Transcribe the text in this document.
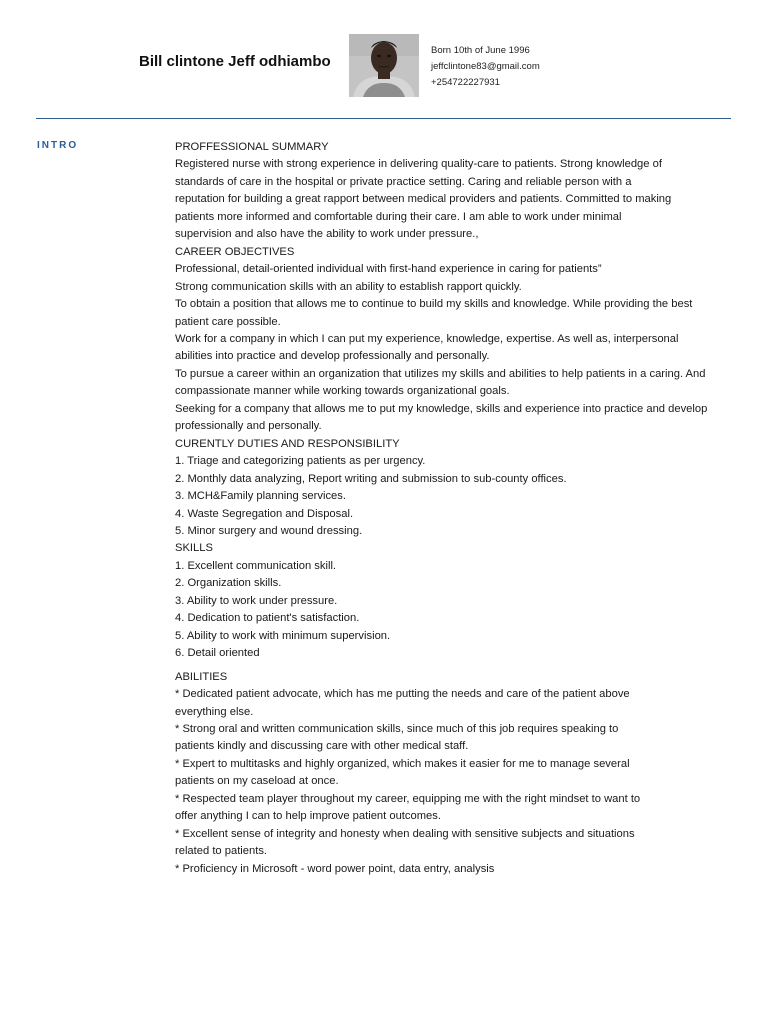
Bill clintone Jeff odhiambo
Born 10th of June 1996
jeffclintone83@gmail.com
+254722227931
INTRO	PROFFESSIONAL SUMMARY
Registered nurse with strong experience in delivering quality-care to patients. Strong knowledge of
standards of care in the hospital or private practice setting. Caring and reliable person with a
reputation for building a great rapport between medical providers and patients. Committed to making
patients more informed and comfortable during their care. I am able to work under minimal
supervision and also have the ability to work under pressure.,
CAREER OBJECTIVES
Professional, detail-oriented individual with first-hand experience in caring for patients”
Strong communication skills with an ability to establish rapport quickly.
To obtain a position that allows me to continue to build my skills and knowledge. While providing the best
patient care possible.
Work for a company in which I can put my experience, knowledge, expertise. As well as, interpersonal
abilities into practice and develop professionally and personally.
To pursue a career within an organization that utilizes my skills and abilities to help patients in a caring. And
compassionate manner while working towards organizational goals.
Seeking for a company that allows me to put my knowledge, skills and experience into practice and develop
professionally and personally.
CURENTLY DUTIES AND RESPONSIBILITY
1. Triage and categorizing patients as per urgency.
2. Monthly data analyzing, Report writing and submission to sub-county offices.
3. MCH&Family planning services.
4. Waste Segregation and Disposal.
5. Minor surgery and wound dressing.
SKILLS
1. Excellent communication skill.
2. Organization skills.
3. Ability to work under pressure.
4. Dedication to patient's satisfaction.
5. Ability to work with minimum supervision.
6. Detail oriented
ABILITIES
* Dedicated patient advocate, which has me putting the needs and care of the patient above
everything else.
* Strong oral and written communication skills, since much of this job requires speaking to
patients kindly and discussing care with other medical staff.
* Expert to multitasks and highly organized, which makes it easier for me to manage several
patients on my caseload at once.
* Respected team player throughout my career, equipping me with the right mindset to want to
offer anything I can to help improve patient outcomes.
* Excellent sense of integrity and honesty when dealing with sensitive subjects and situations
related to patients.
* Proficiency in Microsoft - word power point, data entry, analysis
